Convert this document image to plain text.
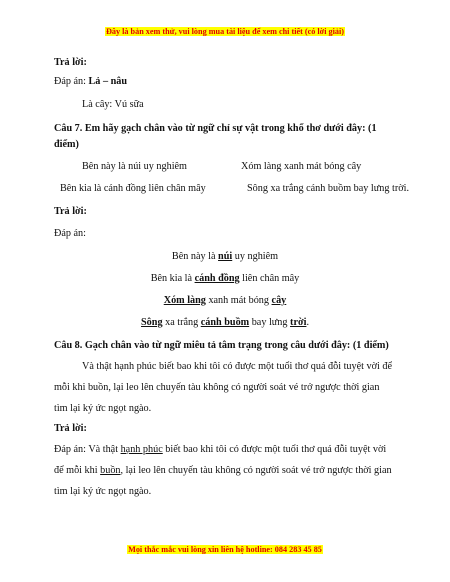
Đây là bản xem thử, vui lòng mua tài liệu để xem chi tiết (có lời giải)
Trả lời:
Đáp án: Lả – nâu
Là cây: Vú sữa
Câu 7. Em hãy gạch chân vào từ ngữ chỉ sự vật trong khổ thơ dưới đây: (1
điểm)
Bên này là núi uy nghiêm	Xóm làng xanh mát bóng cây
Bên kia là cánh đồng liên chân mây	Sông xa trắng cánh buồm bay lưng trời.
Trả lời:
Đáp án:
Bên này là núi uy nghiêm
Bên kia là cánh đồng liên chân mây
Xóm làng xanh mát bóng cây
Sông xa trắng cánh buồm bay lưng trời.
Câu 8. Gạch chân vào từ ngữ miêu tả tâm trạng trong câu dưới đây: (1 điểm)
Và thật hạnh phúc biết bao khi tôi có được một tuổi thơ quá đỗi tuyệt vời để
mỗi khi buồn, lại leo lên chuyến tàu không có người soát vé trở ngược thời gian
tìm lại ký ức ngọt ngào.
Trả lời:
Đáp án: Và thật hạnh phúc biết bao khi tôi có được một tuổi thơ quá đỗi tuyệt vời
để mỗi khi buồn, lại leo lên chuyến tàu không có người soát vé trở ngược thời gian
tìm lại ký ức ngọt ngào.
Mọi thắc mắc vui lòng xin liên hệ hotline: 084 283 45 85
